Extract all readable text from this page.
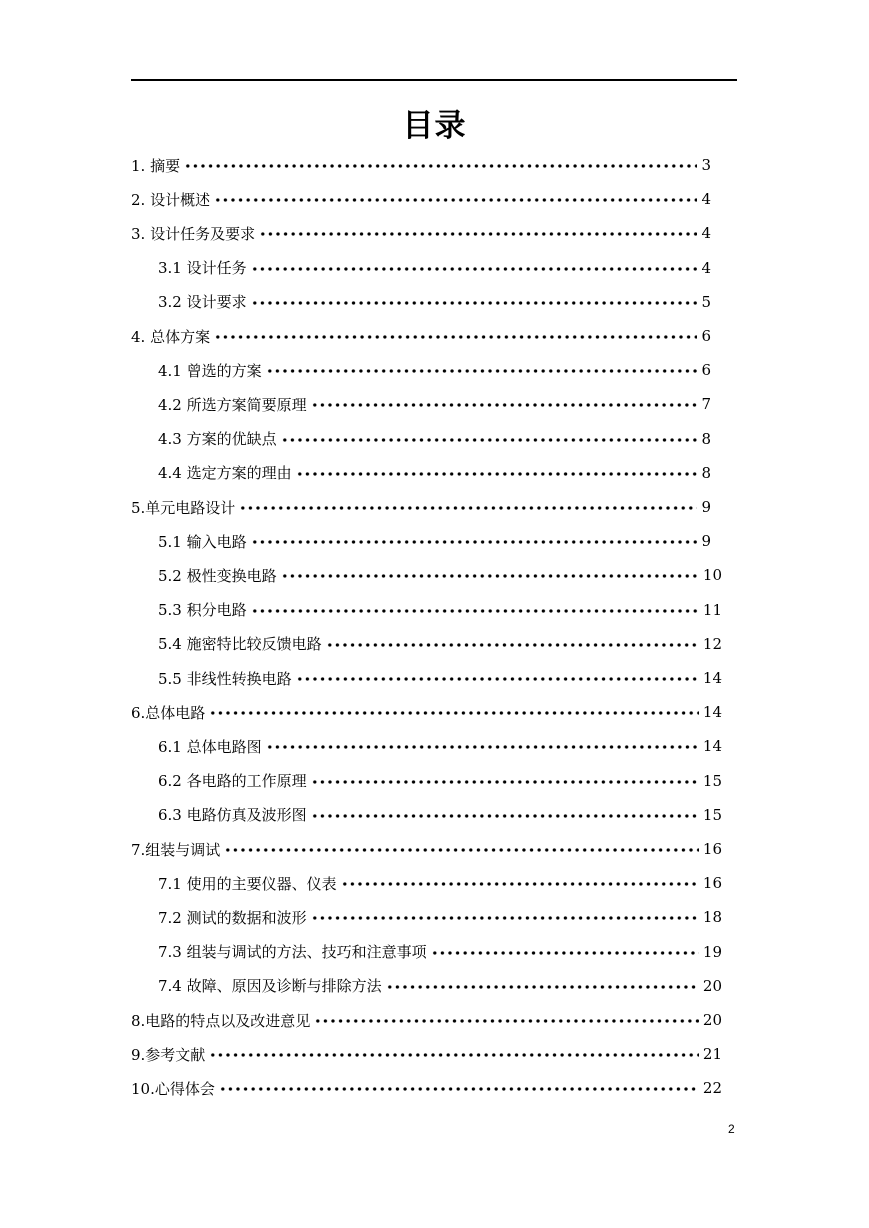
目录
1. 摘要	3
2. 设计概述	4
3. 设计任务及要求	4
3.1 设计任务	4
3.2 设计要求	5
4. 总体方案	6
4.1 曾选的方案	6
4.2 所选方案简要原理	7
4.3 方案的优缺点	8
4.4 选定方案的理由	8
5.单元电路设计	9
5.1 输入电路	9
5.2 极性变换电路	10
5.3 积分电路	11
5.4 施密特比较反馈电路	12
5.5 非线性转换电路	14
6.总体电路	14
6.1 总体电路图	14
6.2 各电路的工作原理	15
6.3 电路仿真及波形图	15
7.组装与调试	16
7.1 使用的主要仪器、仪表	16
7.2 测试的数据和波形	18
7.3 组装与调试的方法、技巧和注意事项	19
7.4 故障、原因及诊断与排除方法	20
8.电路的特点以及改进意见	20
9.参考文献	21
10.心得体会	22
2
